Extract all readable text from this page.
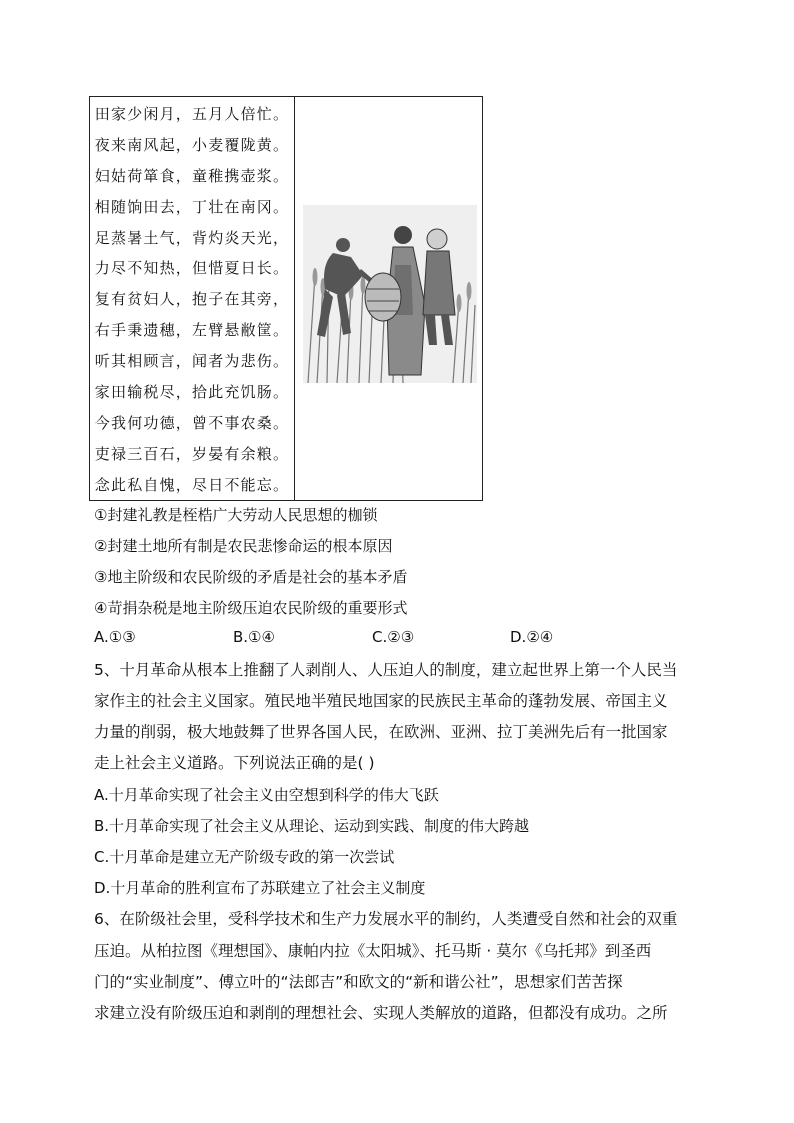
田家少闲月，五月人倍忙。
夜来南风起，小麦覆陇黄。
妇姑荷箪食，童稚携壶浆。
相随饷田去，丁壮在南冈。
足蒸暑土气，背灼炎天光，
力尽不知热，但惜夏日长。
复有贫妇人，抱子在其旁，
右手秉遗穗，左臂悬敝筐。
听其相顾言，闻者为悲伤。
家田输税尽，拾此充饥肠。
今我何功德，曾不事农桑。
吏禄三百石，岁晏有余粮。
念此私自愧，尽日不能忘。
①封建礼教是桎梏广大劳动人民思想的枷锁
②封建土地所有制是农民悲惨命运的根本原因
③地主阶级和农民阶级的矛盾是社会的基本矛盾
④苛捐杂税是地主阶级压迫农民阶级的重要形式
A.①③	B.①④	C.②③	D.②④
5、十月革命从根本上推翻了人剥削人、人压迫人的制度，建立起世界上第一个人民当
家作主的社会主义国家。殖民地半殖民地国家的民族民主革命的蓬勃发展、帝国主义
力量的削弱，极大地鼓舞了世界各国人民，在欧洲、亚洲、拉丁美洲先后有一批国家
走上社会主义道路。下列说法正确的是( )
A.十月革命实现了社会主义由空想到科学的伟大飞跃
B.十月革命实现了社会主义从理论、运动到实践、制度的伟大跨越
C.十月革命是建立无产阶级专政的第一次尝试
D.十月革命的胜利宣布了苏联建立了社会主义制度
6、在阶级社会里，受科学技术和生产力发展水平的制约，人类遭受自然和社会的双重
压迫。从柏拉图《理想国》、康帕内拉《太阳城》、托马斯 · 莫尔《乌托邦》到圣西
门的“实业制度”、傅立叶的“法郎吉”和欧文的“新和谐公社”，思想家们苦苦探
求建立没有阶级压迫和剥削的理想社会、实现人类解放的道路，但都没有成功。之所
